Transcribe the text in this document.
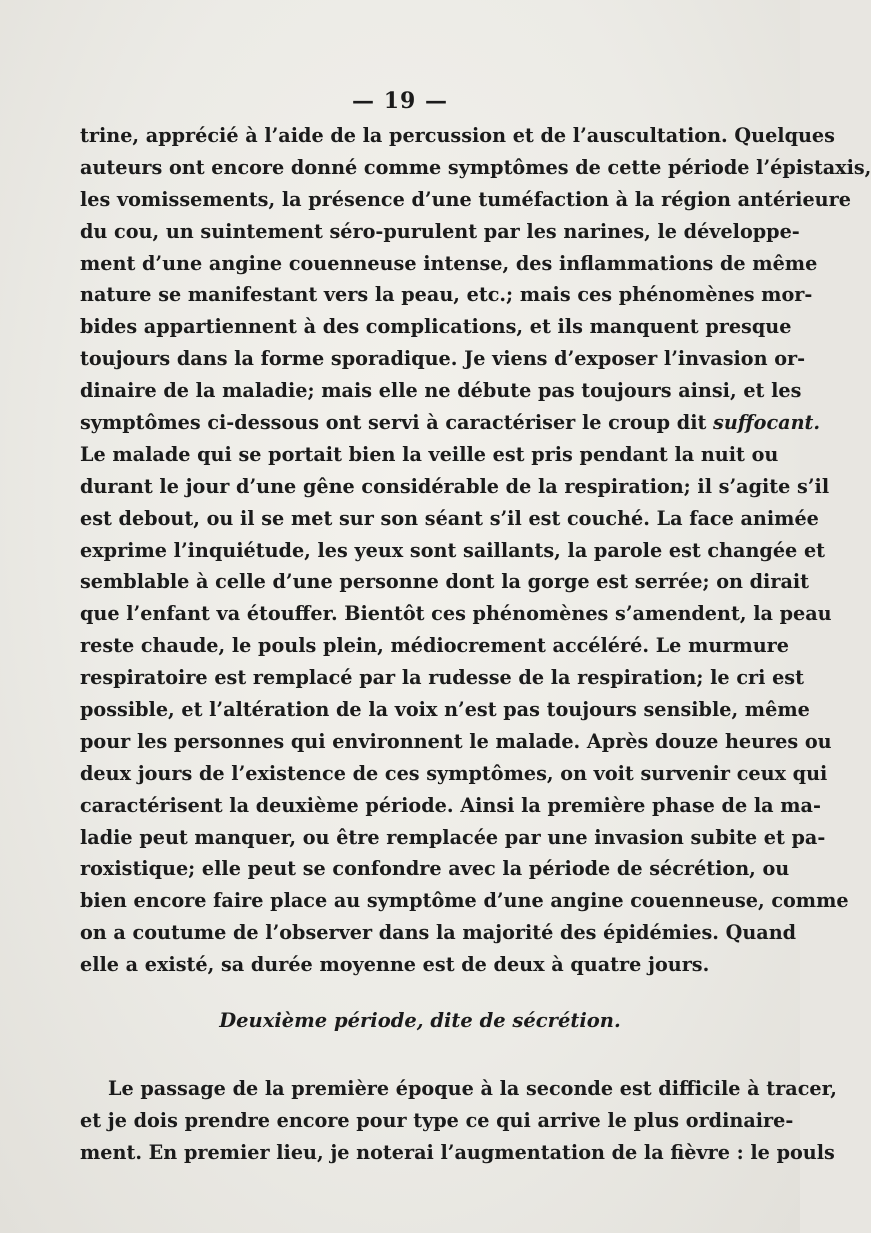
— 19 —
trine, apprécié à l’aide de la percussion et de l’auscultation. Quelques
auteurs ont encore donné comme symptômes de cette période l’épistaxis,
les vomissements, la présence d’une tuméfaction à la région antérieure
du cou, un suintement séro-purulent par les narines, le développe-
ment d’une angine couenneuse intense, des inflammations de même
nature se manifestant vers la peau, etc.; mais ces phénomènes mor-
bides appartiennent à des complications, et ils manquent presque
toujours dans la forme sporadique. Je viens d’exposer l’invasion or-
dinaire de la maladie; mais elle ne débute pas toujours ainsi, et les
symptômes ci-dessous ont servi à caractériser le croup dit suffocant.
Le malade qui se portait bien la veille est pris pendant la nuit ou
durant le jour d’une gêne considérable de la respiration; il s’agite s’il
est debout, ou il se met sur son séant s’il est couché. La face animée
exprime l’inquiétude, les yeux sont saillants, la parole est changée et
semblable à celle d’une personne dont la gorge est serrée; on dirait
que l’enfant va étouffer. Bientôt ces phénomènes s’amendent, la peau
reste chaude, le pouls plein, médiocrement accéléré. Le murmure
respiratoire est remplacé par la rudesse de la respiration; le cri est
possible, et l’altération de la voix n’est pas toujours sensible, même
pour les personnes qui environnent le malade. Après douze heures ou
deux jours de l’existence de ces symptômes, on voit survenir ceux qui
caractérisent la deuxième période. Ainsi la première phase de la ma-
ladie peut manquer, ou être remplacée par une invasion subite et pa-
roxistique; elle peut se confondre avec la période de sécrétion, ou
bien encore faire place au symptôme d’une angine couenneuse, comme
on a coutume de l’observer dans la majorité des épidémies. Quand
elle a existé, sa durée moyenne est de deux à quatre jours.
Deuxième période, dite de sécrétion.
Le passage de la première époque à la seconde est difficile à tracer,
et je dois prendre encore pour type ce qui arrive le plus ordinaire-
ment. En premier lieu, je noterai l’augmentation de la fièvre : le pouls
